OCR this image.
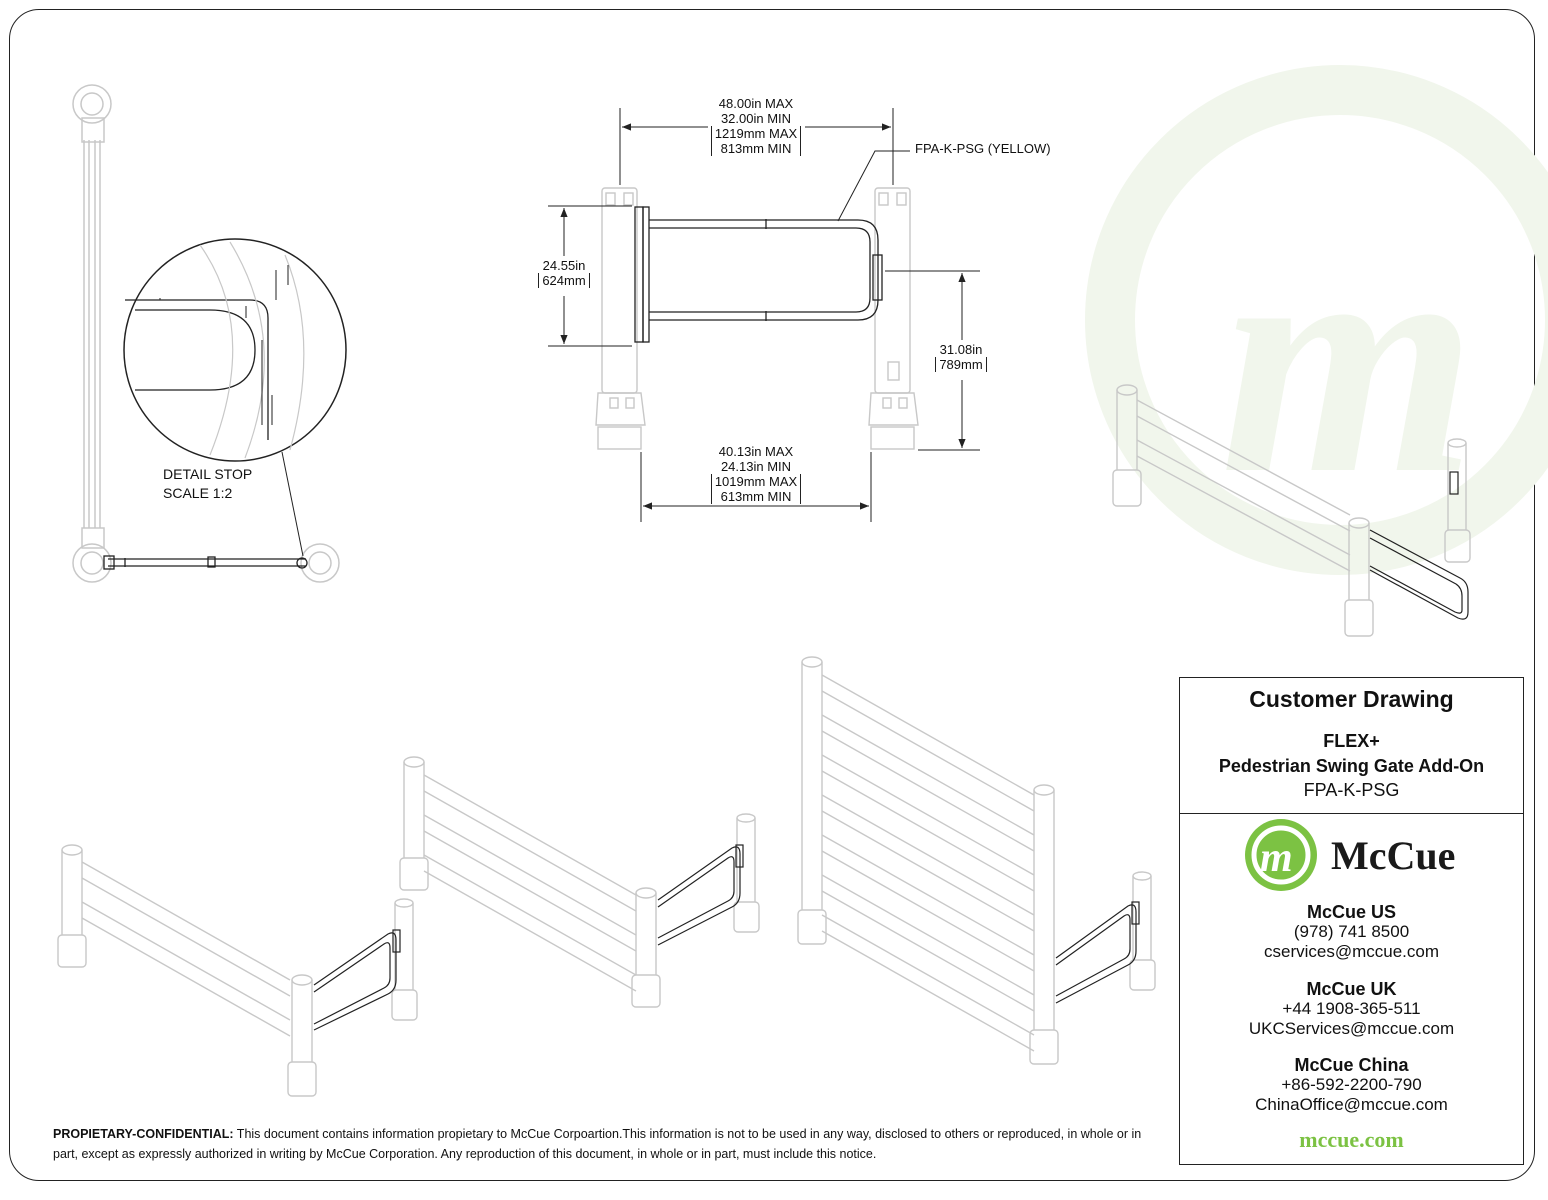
m
m
48.00in MAX
32.00in MIN
1219mm MAX
813mm MIN	FPA-K-PSG (YELLOW)
24.55in
624mm
31.08in
789mm
40.13in MAX
24.13in MIN
1019mm MAX
613mm MIN
DETAIL STOP
SCALE 1:2
Customer Drawing
FLEX+
Pedestrian Swing Gate Add-On
FPA-K-PSG
McCue
McCue US
(978) 741 8500
cservices@mccue.com
McCue UK
+44 1908-365-511
UKCServices@mccue.com
McCue China
+86-592-2200-790
ChinaOffice@mccue.com
mccue.com
PROPIETARY-CONFIDENTIAL: This document contains information propietary to McCue Corpoartion.This information is not to be used in any way, disclosed to others or reproduced, in whole or in part, except as expressly authorized in writing by McCue Corporation. Any reproduction of this document, in whole or in part, must include this notice.
